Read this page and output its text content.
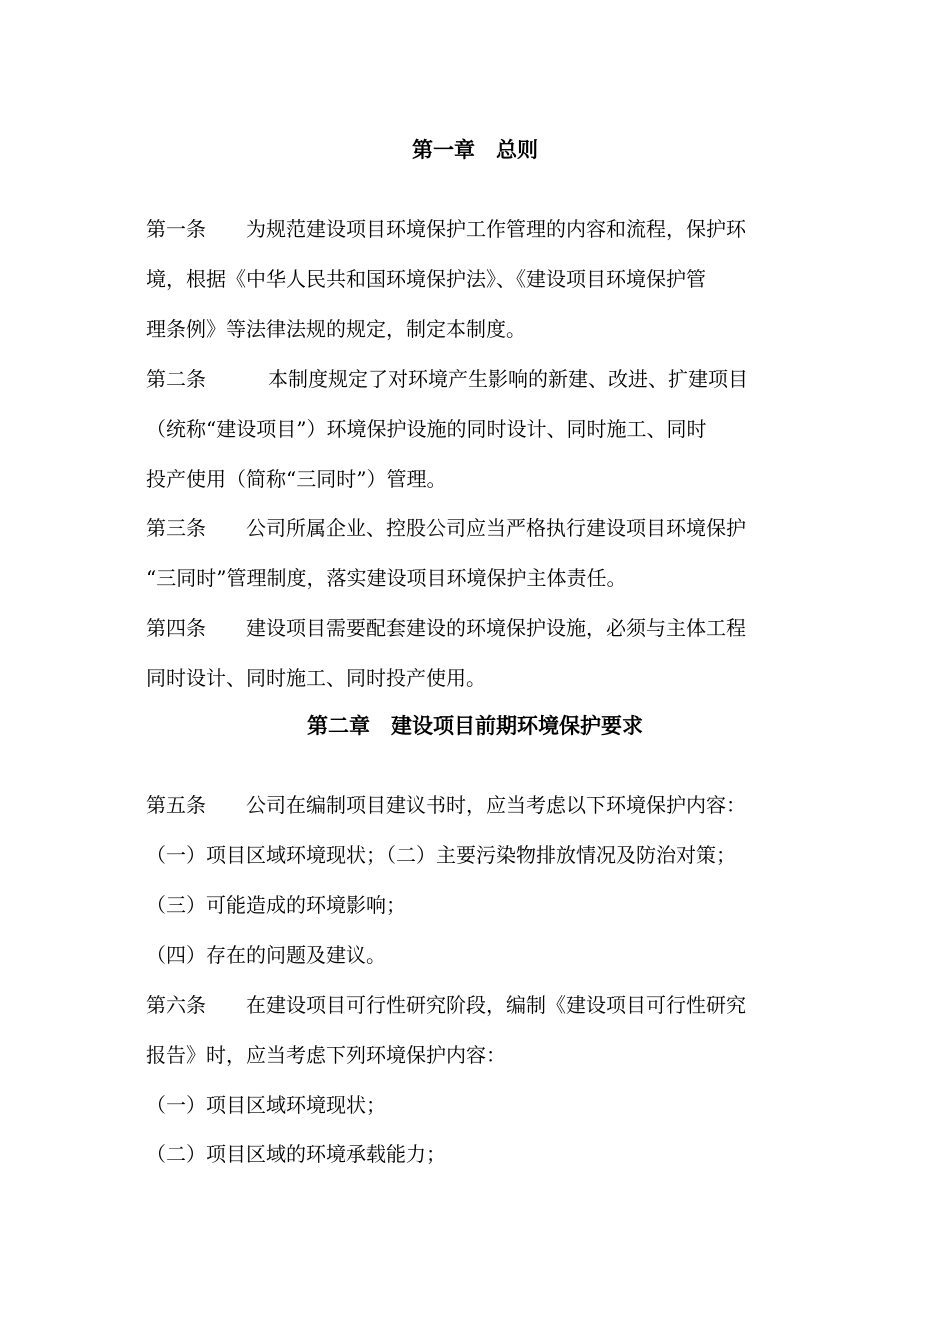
第一章　总则
第一条 为规范建设项目环境保护工作管理的内容和流程，保护环
境，根据《中华人民共和国环境保护法》、《建设项目环境保护管
理条例》等法律法规的规定，制定本制度。
第二条	本制度规定了对环境产生影响的新建、改进、扩建项目
（统称“建设项目”）环境保护设施的同时设计、同时施工、同时
投产使用（简称“三同时”）管理。
第三条 公司所属企业、控股公司应当严格执行建设项目环境保护
“三同时”管理制度，落实建设项目环境保护主体责任。
第四条 建设项目需要配套建设的环境保护设施，必须与主体工程
同时设计、同时施工、同时投产使用。
第二章　建设项目前期环境保护要求
第五条 公司在编制项目建议书时，应当考虑以下环境保护内容：
（一）项目区域环境现状；（二）主要污染物排放情况及防治对策；
（三）可能造成的环境影响；
（四）存在的问题及建议。
第六条 在建设项目可行性研究阶段，编制《建设项目可行性研究
报告》时，应当考虑下列环境保护内容：
（一）项目区域环境现状；
（二）项目区域的环境承载能力；
